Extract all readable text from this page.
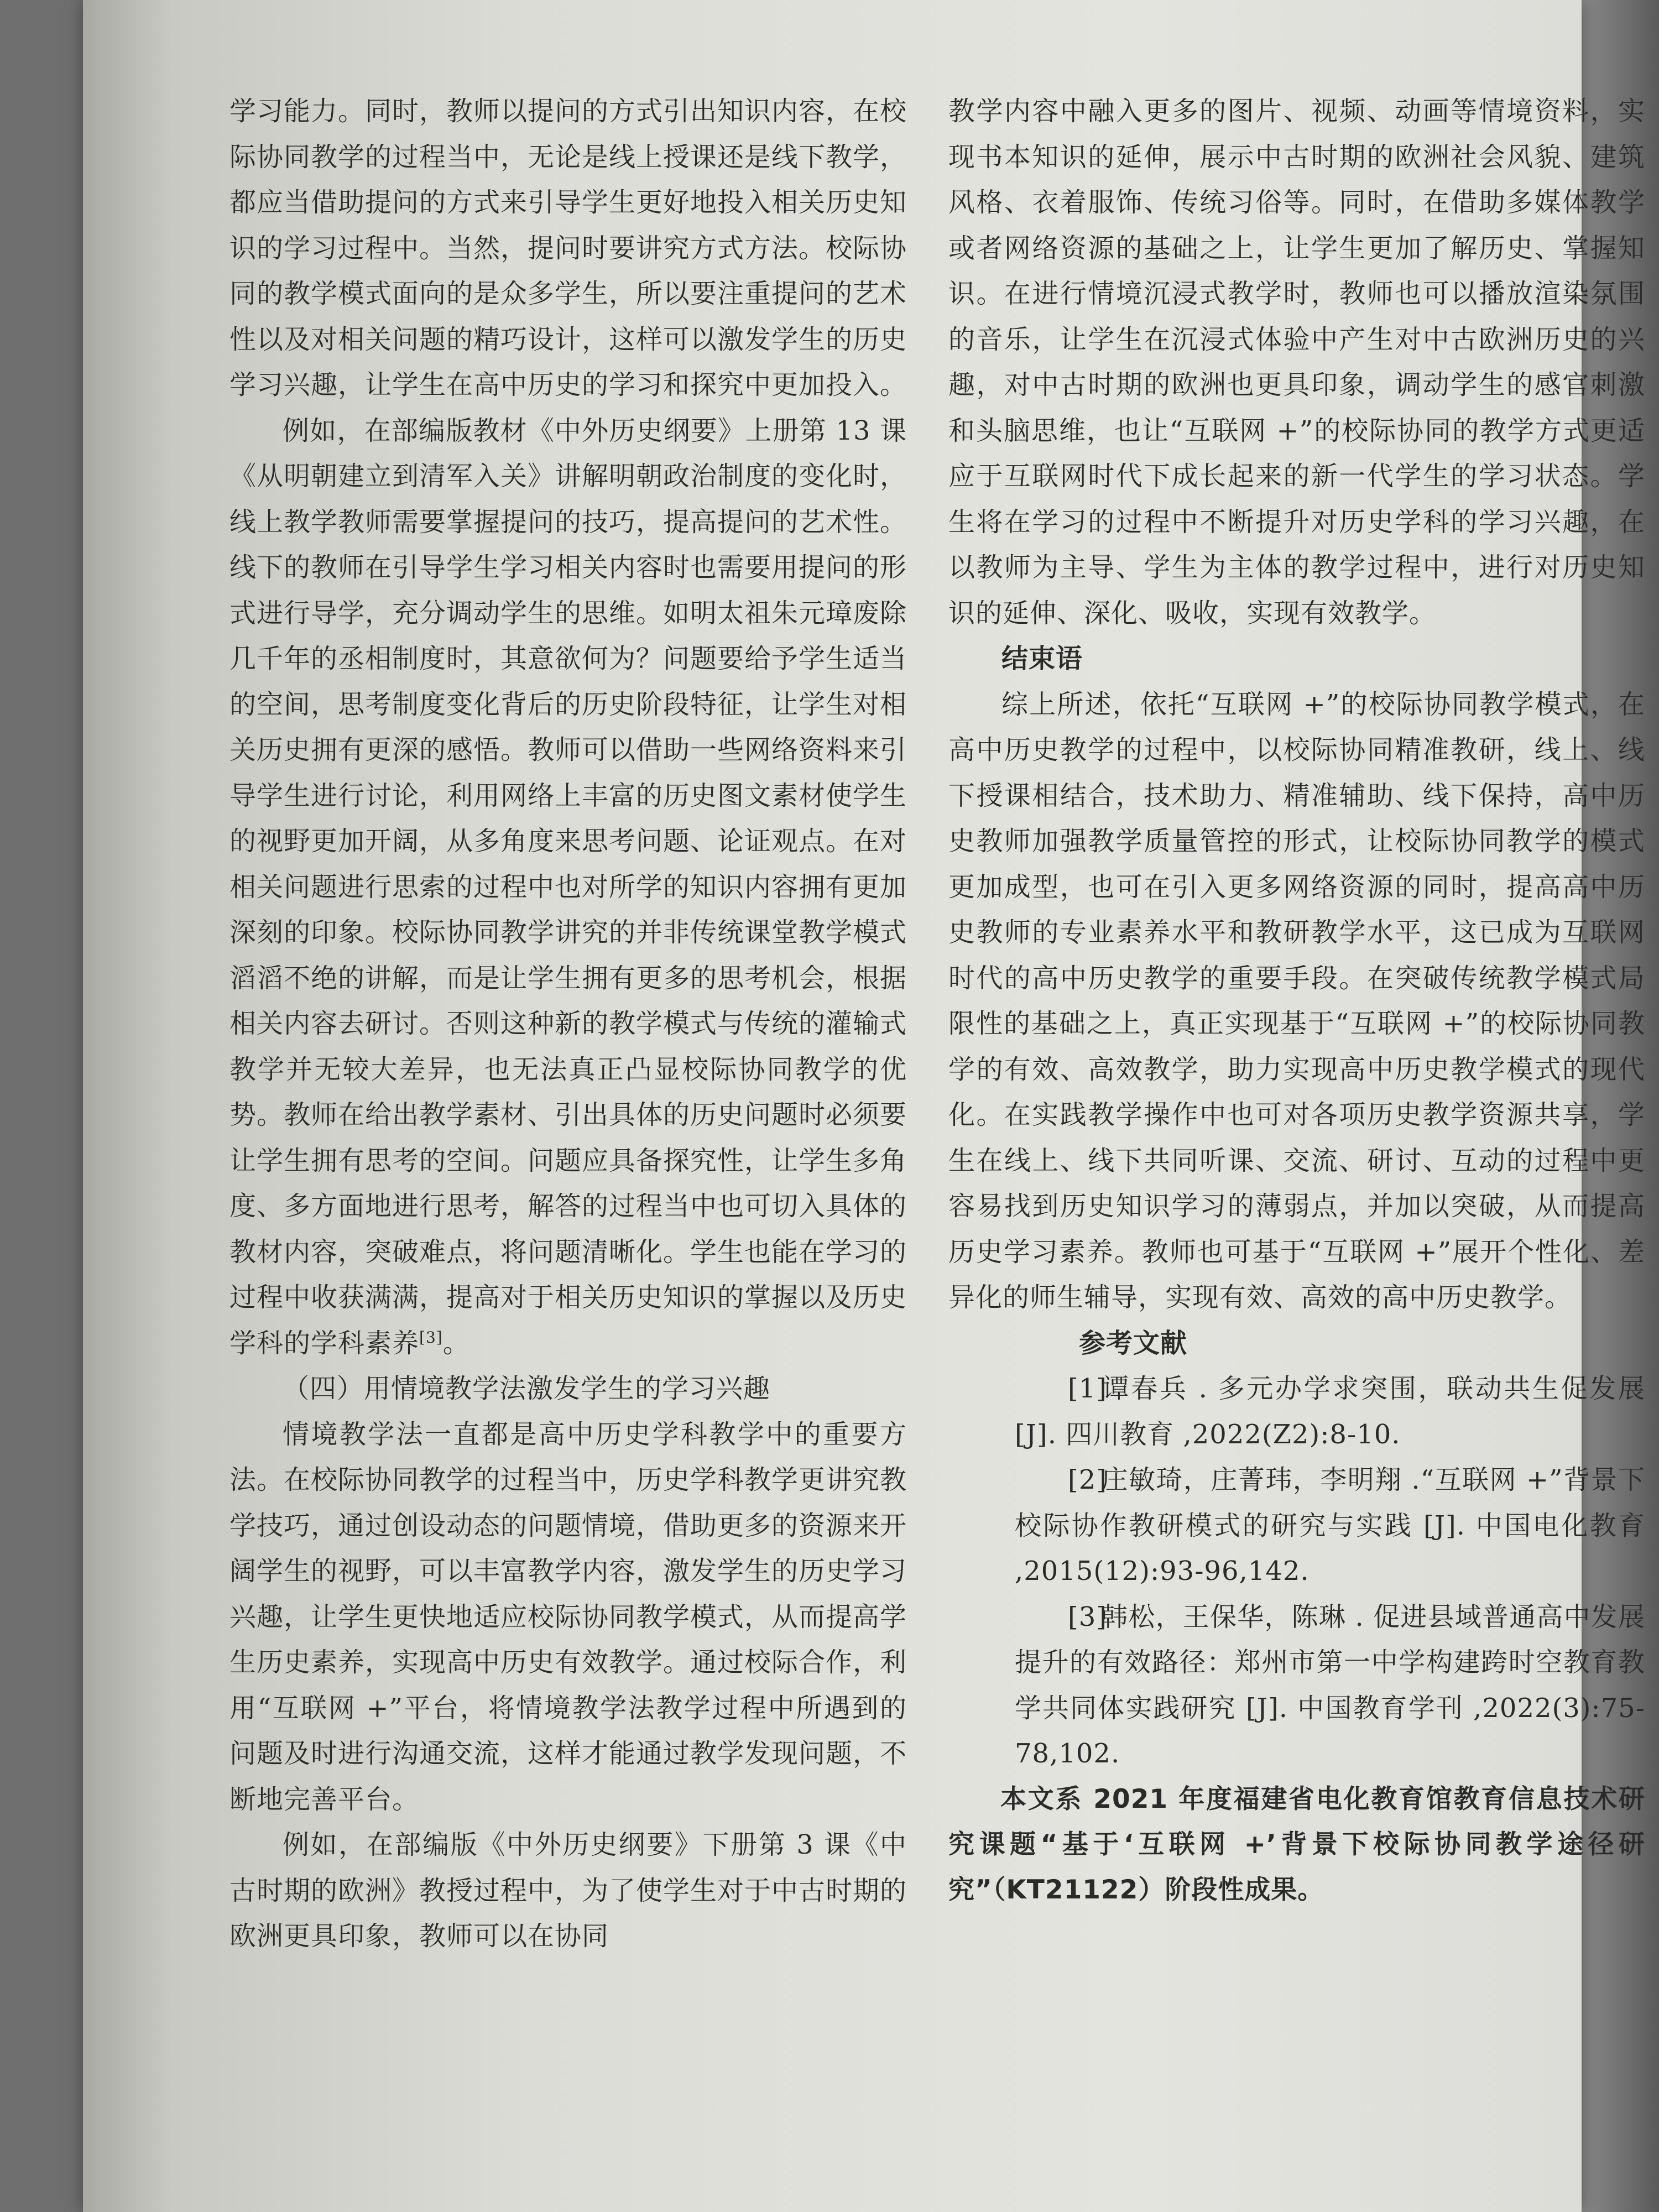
学习能力。同时，教师以提问的方式引出知识内容，在校际协同教学的过程当中，无论是线上授课还是线下教学，都应当借助提问的方式来引导学生更好地投入相关历史知识的学习过程中。当然，提问时要讲究方式方法。校际协同的教学模式面向的是众多学生，所以要注重提问的艺术性以及对相关问题的精巧设计，这样可以激发学生的历史学习兴趣，让学生在高中历史的学习和探究中更加投入。

例如，在部编版教材《中外历史纲要》上册第 13 课《从明朝建立到清军入关》讲解明朝政治制度的变化时，线上教学教师需要掌握提问的技巧，提高提问的艺术性。线下的教师在引导学生学习相关内容时也需要用提问的形式进行导学，充分调动学生的思维。如明太祖朱元璋废除几千年的丞相制度时，其意欲何为？问题要给予学生适当的空间，思考制度变化背后的历史阶段特征，让学生对相关历史拥有更深的感悟。教师可以借助一些网络资料来引导学生进行讨论，利用网络上丰富的历史图文素材使学生的视野更加开阔，从多角度来思考问题、论证观点。在对相关问题进行思索的过程中也对所学的知识内容拥有更加深刻的印象。校际协同教学讲究的并非传统课堂教学模式滔滔不绝的讲解，而是让学生拥有更多的思考机会，根据相关内容去研讨。否则这种新的教学模式与传统的灌输式教学并无较大差异，也无法真正凸显校际协同教学的优势。教师在给出教学素材、引出具体的历史问题时必须要让学生拥有思考的空间。问题应具备探究性，让学生多角度、多方面地进行思考，解答的过程当中也可切入具体的教材内容，突破难点，将问题清晰化。学生也能在学习的过程中收获满满，提高对于相关历史知识的掌握以及历史学科的学科素养[3]。

（四）用情境教学法激发学生的学习兴趣

情境教学法一直都是高中历史学科教学中的重要方法。在校际协同教学的过程当中，历史学科教学更讲究教学技巧，通过创设动态的问题情境，借助更多的资源来开阔学生的视野，可以丰富教学内容，激发学生的历史学习兴趣，让学生更快地适应校际协同教学模式，从而提高学生历史素养，实现高中历史有效教学。通过校际合作，利用“互联网 +”平台，将情境教学法教学过程中所遇到的问题及时进行沟通交流，这样才能通过教学发现问题，不断地完善平台。

例如，在部编版《中外历史纲要》下册第 3 课《中古时期的欧洲》教授过程中，为了使学生对于中古时期的欧洲更具印象，教师可以在协同

教学内容中融入更多的图片、视频、动画等情境资料，实现书本知识的延伸，展示中古时期的欧洲社会风貌、建筑风格、衣着服饰、传统习俗等。同时，在借助多媒体教学或者网络资源的基础之上，让学生更加了解历史、掌握知识。在进行情境沉浸式教学时，教师也可以播放渲染氛围的音乐，让学生在沉浸式体验中产生对中古欧洲历史的兴趣，对中古时期的欧洲也更具印象，调动学生的感官刺激和头脑思维，也让“互联网 +”的校际协同的教学方式更适应于互联网时代下成长起来的新一代学生的学习状态。学生将在学习的过程中不断提升对历史学科的学习兴趣，在以教师为主导、学生为主体的教学过程中，进行对历史知识的延伸、深化、吸收，实现有效教学。

结束语

综上所述，依托“互联网 +”的校际协同教学模式，在高中历史教学的过程中，以校际协同精准教研，线上、线下授课相结合，技术助力、精准辅助、线下保持，高中历史教师加强教学质量管控的形式，让校际协同教学的模式更加成型，也可在引入更多网络资源的同时，提高高中历史教师的专业素养水平和教研教学水平，这已成为互联网时代的高中历史教学的重要手段。在突破传统教学模式局限性的基础之上，真正实现基于“互联网 +”的校际协同教学的有效、高效教学，助力实现高中历史教学模式的现代化。在实践教学操作中也可对各项历史教学资源共享，学生在线上、线下共同听课、交流、研讨、互动的过程中更容易找到历史知识学习的薄弱点，并加以突破，从而提高历史学习素养。教师也可基于“互联网 +”展开个性化、差异化的师生辅导，实现有效、高效的高中历史教学。

参考文献

[1]谭春兵 . 多元办学求突围，联动共生促发展 [J]. 四川教育 ,2022(Z2):8-10.

[2]庄敏琦，庄菁玮，李明翔 .“互联网 +”背景下校际协作教研模式的研究与实践 [J]. 中国电化教育 ,2015(12):93-96,142.

[3]韩松，王保华，陈琳 . 促进县域普通高中发展提升的有效路径：郑州市第一中学构建跨时空教育教学共同体实践研究 [J]. 中国教育学刊 ,2022(3):75-78,102.

本文系 2021 年度福建省电化教育馆教育信息技术研究课题“基于‘互联网 +’背景下校际协同教学途径研究”（KT21122）阶段性成果。
